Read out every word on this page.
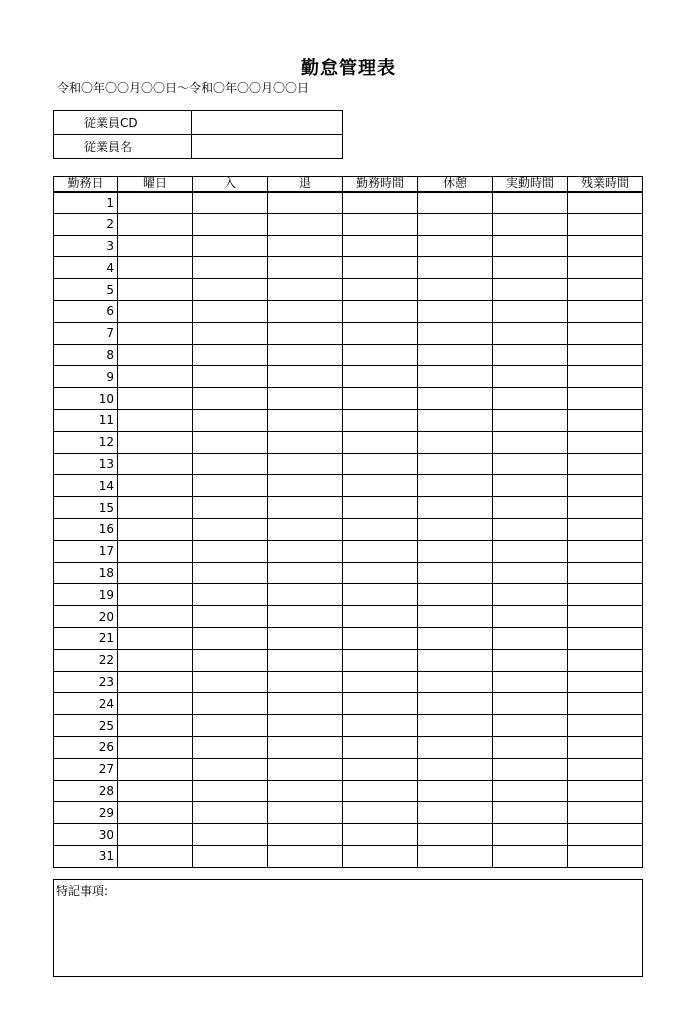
勤怠管理表
令和〇年〇〇月〇〇日～令和〇年〇〇月〇〇日
従業員CD	
従業員名	
勤務日	曜日	入	退	勤務時間	休憩	実動時間	残業時間
1							
2							
3							
4							
5							
6							
7							
8							
9							
10							
11							
12							
13							
14							
15							
16							
17							
18							
19							
20							
21							
22							
23							
24							
25							
26							
27							
28							
29							
30							
31							
特記事項:
